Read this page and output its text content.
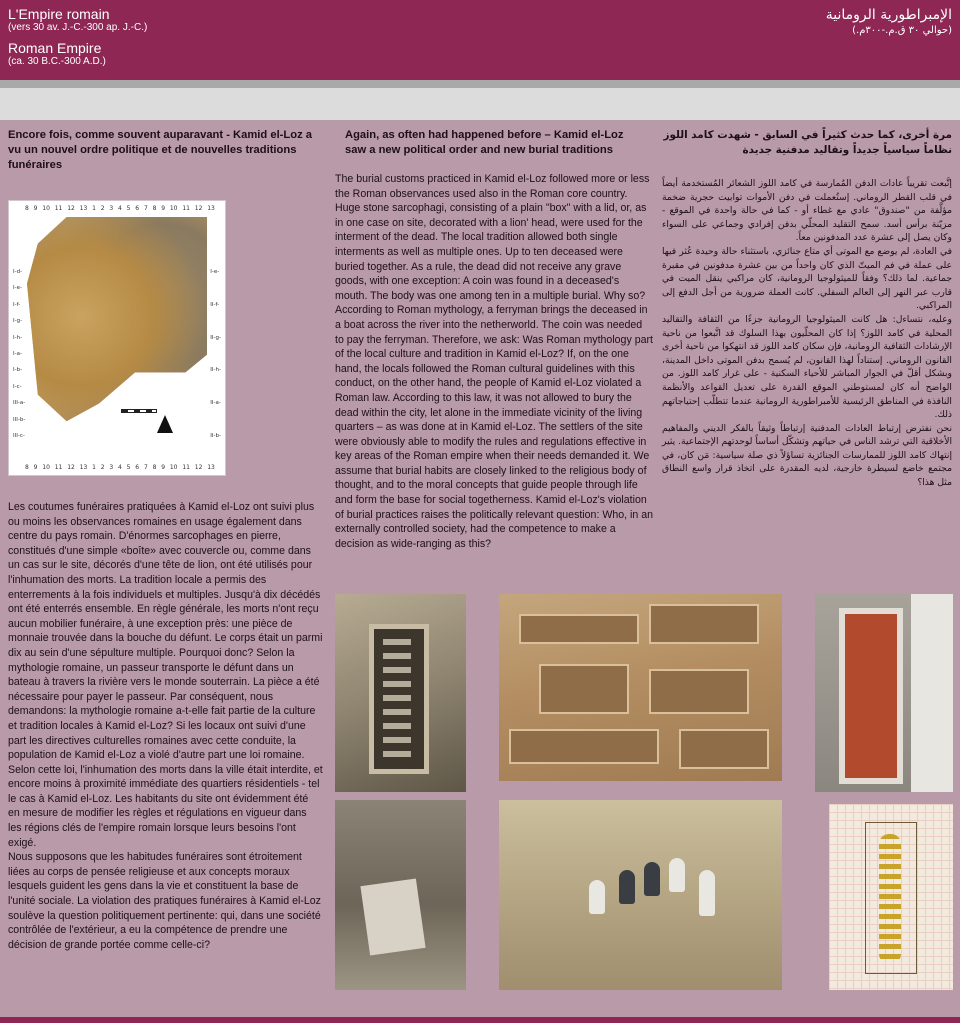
L'Empire romain
(vers 30 av. J.-C.-300 ap. J.-C.)
Roman Empire
(ca. 30 B.C.-300 A.D.)
الإمبراطورية الرومانية
(حوالي ٣٠ ق.م.-٣٠٠م.)
Encore fois, comme souvent auparavant - Kamid el-Loz a vu un nouvel ordre politique et de nouvelles traditions funéraires
Again, as often had happened before – Kamid el-Loz saw a new political order and new burial traditions
مرة أخرى، كما حدث كثيراً في السابق - شهدت كامد اللوز نظاماً سياسياً جديداً وتقاليد مدفنية جديدة
8 9 10 11 12 13 1 2 3 4 5 6 7 8 9 10 11 12 13
I-d-
I-e-
I-f-
I-g-
I-h-
I-a-
I-b-
I-c-
III-a-
III-b-
III-c-
I-e-
II-f-
II-g-
II-h-
II-a-
II-b-
8 9 10 11 12 13 1 2 3 4 5 6 7 8 9 10 11 12 13

Les coutumes funéraires pratiquées à Kamid el-Loz ont suivi plus ou moins les observances romaines en usage également dans centre du pays romain. D'énormes sarcophages en pierre, constitués d'une simple «boîte» avec couvercle ou, comme dans un cas sur le site, décorés d'une tête de lion, ont été utilisés pour l'inhumation des morts. La tradition locale a permis des enterrements à la fois individuels et multiples. Jusqu'à dix décédés ont été enterrés ensemble. En règle générale, les morts n'ont reçu aucun mobilier funéraire, à une exception près: une pièce de monnaie trouvée dans la bouche du défunt. Le corps était un parmi dix au sein d'une sépulture multiple. Pourquoi donc? Selon la mythologie romaine, un passeur transporte le défunt dans un bateau à travers la rivière vers le monde souterrain. La pièce a été nécessaire pour payer le passeur. Par conséquent, nous demandons: la mythologie romaine a-t-elle fait partie de la culture et tradition locales à Kamid el-Loz? Si les locaux ont suivi d'une part les directives culturelles romaines avec cette conduite, la population de Kamid el-Loz a violé d'autre part une loi romaine. Selon cette loi, l'inhumation des morts dans la ville était interdite, et encore moins à proximité immédiate des quartiers résidentiels - tel le cas à Kamid el-Loz. Les habitants du site ont évidemment été en mesure de modifier les règles et régulations en vigueur dans les régions clés de l'empire romain lorsque leurs besoins l'ont exigé.

Nous supposons que les habitudes funéraires sont étroitement liées au corps de pensée religieuse et aux concepts moraux lesquels guident les gens dans la vie et constituent la base de l'unité sociale. La violation des pratiques funéraires à Kamid el-Loz soulève la question politiquement pertinente: qui, dans une société contrôlée de l'extérieur, a eu la compétence de prendre une décision de grande portée comme celle-ci?

The burial customs practiced in Kamid el-Loz followed more or less the Roman observances used also in the Roman core country. Huge stone sarcophagi, consisting of a plain "box" with a lid, or, as in one case on site, decorated with a lion' head, were used for the interment of the dead. The local tradition allowed both single interments as well as multiple ones. Up to ten deceased were buried together. As a rule, the dead did not receive any grave goods, with one exception: A coin was found in a deceased's mouth. The body was one among ten in a multiple burial. Why so? According to Roman mythology, a ferryman brings the deceased in a boat across the river into the netherworld. The coin was needed to pay the ferryman. Therefore, we ask: Was Roman mythology part of the local culture and tradition in Kamid el-Loz? If, on the one hand, the locals followed the Roman cultural guidelines with this conduct, on the other hand, the people of Kamid el-Loz violated a Roman law. According to this law, it was not allowed to bury the dead within the city, let alone in the immediate vicinity of the living quarters – as was done at in Kamid el-Loz. The settlers of the site were obviously able to modify the rules and regulations effective in key areas of the Roman empire when their needs demanded it. We assume that burial habits are closely linked to the religious body of thought, and to the moral concepts that guide people through life and form the base for social togetherness. Kamid el-Loz's violation of burial practices raises the politically relevant question: Who, in an externally controlled society, had the competence to make a decision as wide-ranging as this?

إتَّبعت تقريباً عادات الدفن المُمارسة في كامد اللوز الشعائر المُستخدمة أيضاً في قلب القطر الروماني. إستُعملت في دفن الأموات توابيت حجرية ضخمة مؤلَّفة من "صندوق" عادي مع غطاء أو - كما في حالة واحدة في الموقع - مزيّنة برأس أسد. سمح التقليد المحلّي بدفن إفرادي وجماعي على السواء وكان يصل إلى عشرة عدد المدفونين معاً.

في العادة، لم يوضع مع الموتى أي متاع جنائزي، باستثناء حالة وحيدة عُثر فيها على عملة في فم الميتّ الذي كان واحداً من بين عشرة مدفونين في مقبرة جماعية. لما ذلك؟ وفقاً للميثولوجيا الرومانية، كان مراكبي ينقل الميت في قارب عبر النهر إلى العالم السفلي. كانت العملة ضرورية من أجل الدفع إلى المراكبي.

وعليه، نتساءل: هل كانت الميثولوجيا الرومانية جزءًا من الثقافة والتقاليد المحلية في كامد اللوز؟ إذا كان المحلّيون بهذا السلوك قد اتَّبعوا من ناحية الإرشادات الثقافية الرومانية، فإن سكان كامد اللوز قد انتهكوا من ناحية أخرى القانون الروماني. إستناداً لهذا القانون، لم يُسمح بدفن الموتى داخل المدينة، وبشكل أقلّ في الجوار المباشر للأحياء السكنية - على غرار كامد اللوز. من الواضح أنه كان لمستوطني الموقع القدرة على تعديل القواعد والأنظمة النافذة في المناطق الرئيسية للأمبراطورية الرومانية عندما تتطلّب إحتياجاتهم ذلك.

نحن نفترض إرتباط العادات المدفنية إرتباطاً وثيقاً بالفكر الديني والمفاهيم الأخلاقية التي ترشد الناس في حياتهم وتشكّل أساساً لوحدتهم الإجتماعية. يثير إنتهاك كامد اللوز للممارسات الجنائزية تساؤلاً ذي صلة سياسية: مَن كان، في مجتمع خاضع لسيطرة خارجية، لديه المقدرة على اتخاذ قرار واسع النطاق مثل هذا؟
